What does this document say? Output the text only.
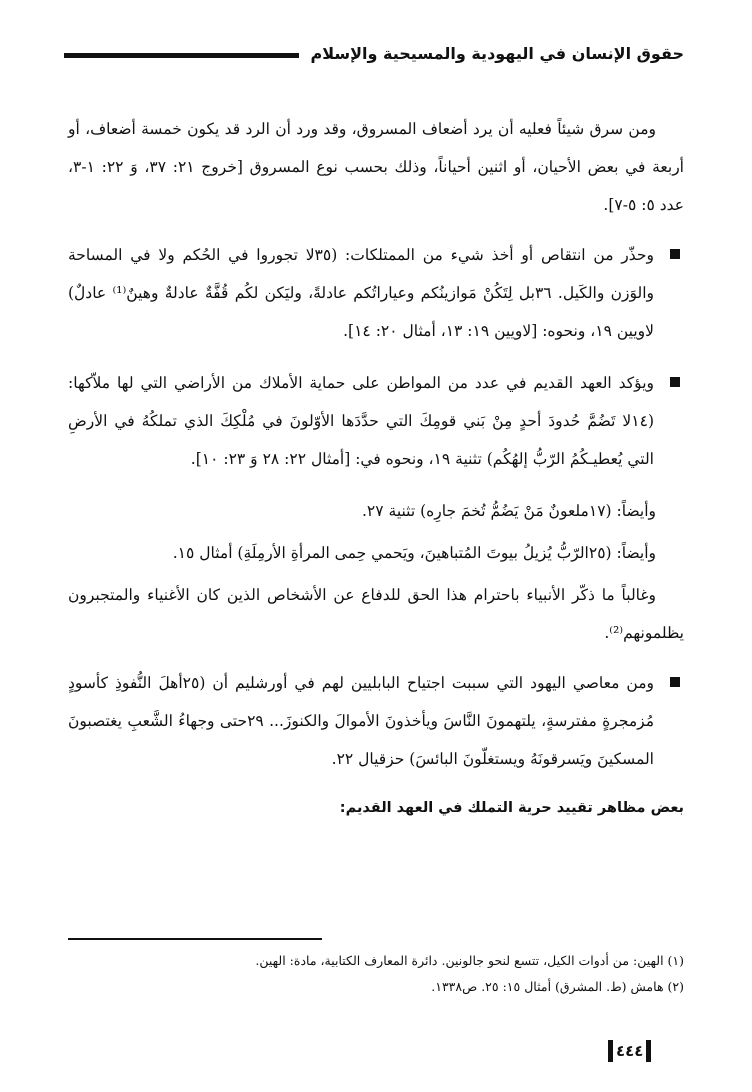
حقوق الإنسان في اليهودية والمسيحية والإسلام

ومن سرق شيئاً فعليه أن يرد أضعاف المسروق، وقد ورد أن الرد قد يكون خمسة أضعاف، أو أربعة في بعض الأحيان، أو اثنين أحياناً، وذلك بحسب نوع المسروق [خروج ٢١: ٣٧، وَ ٢٢: ١-٣، عدد ٥: ٥-٧].

وحذّر من انتقاص أو أخذ شيء من الممتلكات: (٣٥لا تجوروا في الحُكم ولا في المساحة والوَزن والكَيل. ٣٦بل لِتَكُنْ مَوازينُكم وعياراتُكم عادلةً، وليَكن لكُم قُفَّةٌ عادلةٌ وهينٌ⁽¹⁾ عادلٌ) لاويين ١٩، ونحوه: [لاويين ١٩: ١٣، أمثال ٢٠: ١٤].
ويؤكد العهد القديم في عدد من المواطن على حماية الأملاك من الأراضي التي لها ملاّكها: (١٤لا تَضُمَّ حُدودَ أحدٍ مِنْ بَني قومِكَ التي حدَّدَها الأوّلونَ في مُلْكِكَ الذي تملكُهُ في الأرضِ التي يُعطيـكُمُ الرّبُّ إلهُكُم) تثنية ١٩، ونحوه في: [أمثال ٢٢: ٢٨ وَ ٢٣: ١٠].

وأيضاً: (١٧ملعونٌ مَنْ يَضُمُّ تُخمَ جارِه) تثنية ٢٧.

وأيضاً: (٢٥الرّبُّ يُزيلُ بيوتَ المُتباهينَ، ويَحمي حِمى المرأةِ الأرمِلَةِ) أمثال ١٥.

وغالباً ما ذكّر الأنبياء باحترام هذا الحق للدفاع عن الأشخاص الذين كان الأغنياء والمتجبرون يظلمونهم⁽²⁾.

ومن معاصي اليهود التي سببت اجتياح البابليين لهم في أورشليم أن (٢٥أهلَ النُّفوذِ كأسودٍ مُزمجرةٍ مفترسةٍ، يلتهمونَ النَّاسَ ويأخذونَ الأموالَ والكنوزَ... ٢٩حتى وجهاءُ الشَّعبِ يغتصبونَ المسكينَ ويَسرقونَهُ ويستغلّونَ البائسَ) حزقيال ٢٢.
بعض مظاهر تقييد حرية التملك في العهد القديم:
(١) الهين: من أدوات الكيل، تتسع لنحو جالونين. دائرة المعارف الكتابية، مادة: الهين.
(٢) هامش (ط. المشرق) أمثال ١٥: ٢٥. ص١٣٣٨.
٤٤٤
